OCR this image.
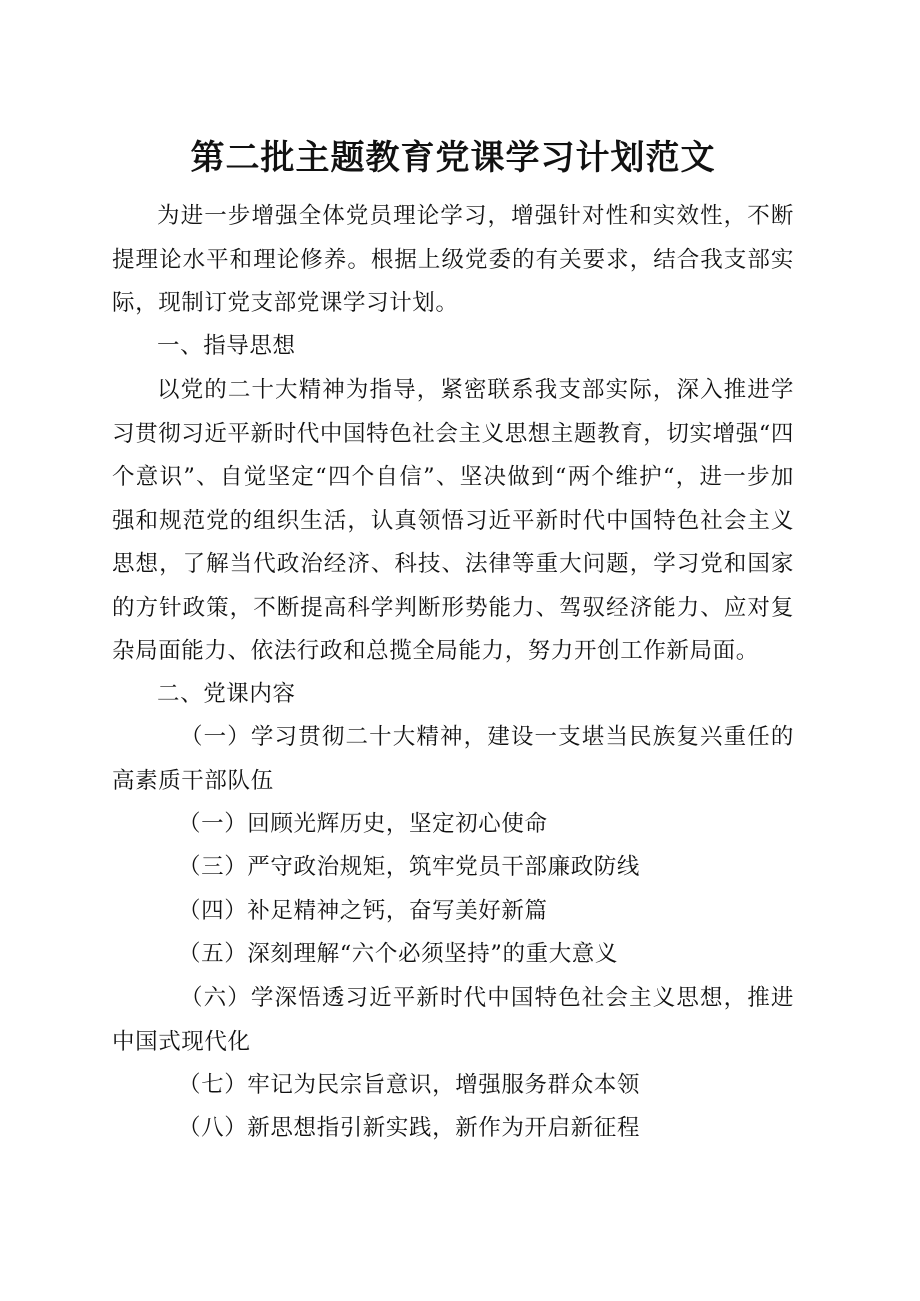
第二批主题教育党课学习计划范文

为进一步增强全体党员理论学习，增强针对性和实效性，不断提理论水平和理论修养。根据上级党委的有关要求，结合我支部实际，现制订党支部党课学习计划。

一、指导思想

以党的二十大精神为指导，紧密联系我支部实际，深入推进学习贯彻习近平新时代中国特色社会主义思想主题教育，切实增强“四个意识”、自觉坚定“四个自信”、坚决做到“两个维护“，进一步加强和规范党的组织生活，认真领悟习近平新时代中国特色社会主义思想，了解当代政治经济、科技、法律等重大问题，学习党和国家的方针政策，不断提高科学判断形势能力、驾驭经济能力、应对复杂局面能力、依法行政和总揽全局能力，努力开创工作新局面。

二、党课内容

（一）学习贯彻二十大精神，建设一支堪当民族复兴重任的高素质干部队伍

（一）回顾光辉历史，坚定初心使命

（三）严守政治规矩，筑牢党员干部廉政防线

（四）补足精神之钙，奋写美好新篇

（五）深刻理解“六个必须坚持”的重大意义

（六）学深悟透习近平新时代中国特色社会主义思想，推进中国式现代化

（七）牢记为民宗旨意识，增强服务群众本领

（八）新思想指引新实践，新作为开启新征程
